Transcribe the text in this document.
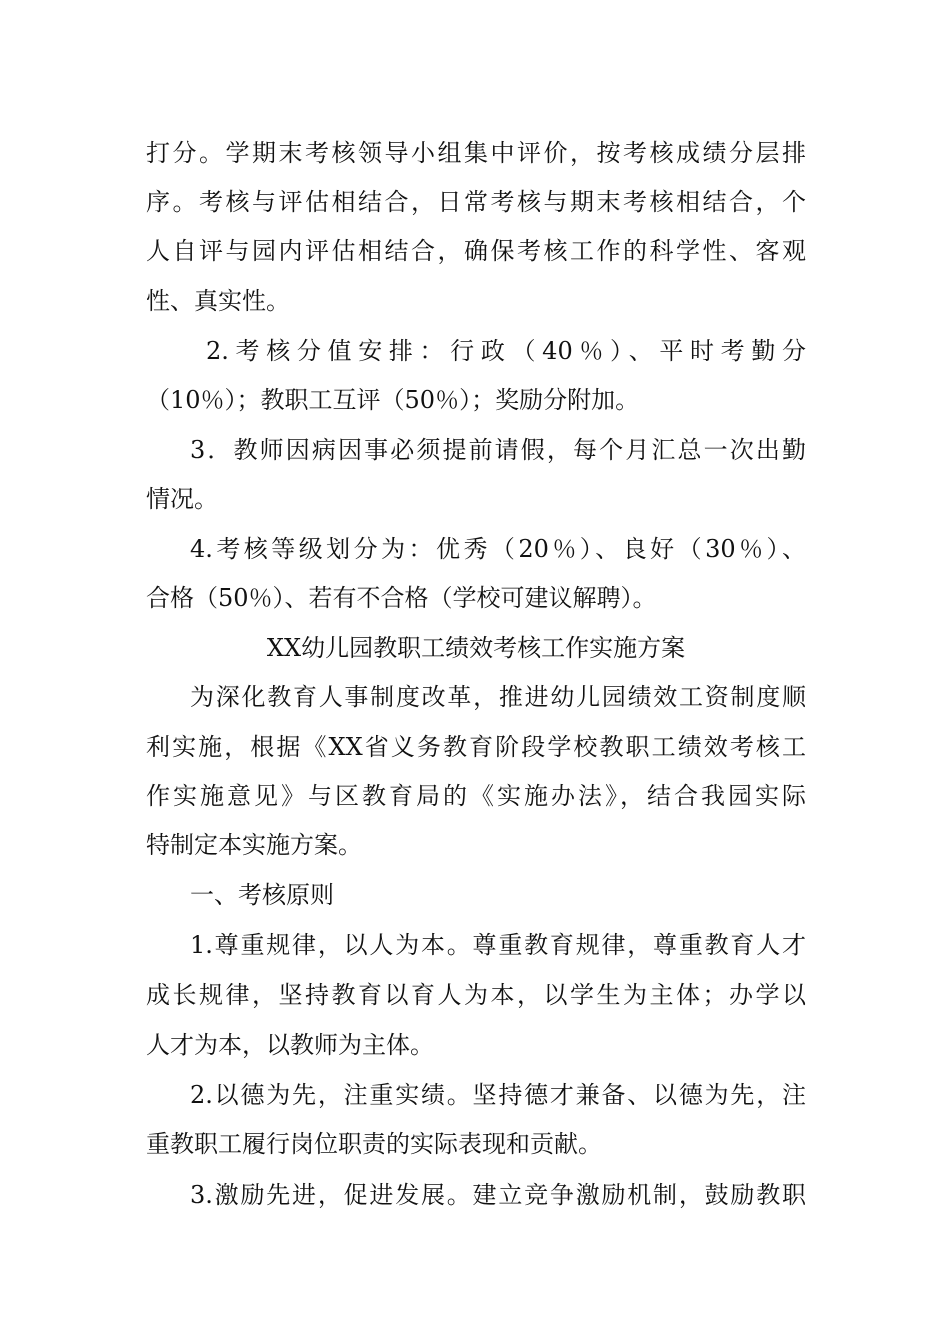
打分。学期末考核领导小组集中评价，按考核成绩分层排
序。考核与评估相结合，日常考核与期末考核相结合，个
人自评与园内评估相结合，确保考核工作的科学性、客观
性、真实性。
2.考核分值安排：行政（40％）、平时考勤分
（10％）；教职工互评（50％）；奖励分附加。
3．教师因病因事必须提前请假，每个月汇总一次出勤
情况。
4.考核等级划分为：优秀（20％）、良好（30％）、
合格（50％）、若有不合格（学校可建议解聘）。
XX幼儿园教职工绩效考核工作实施方案
为深化教育人事制度改革，推进幼儿园绩效工资制度顺
利实施，根据《XX省义务教育阶段学校教职工绩效考核工
作实施意见》与区教育局的《实施办法》，结合我园实际
特制定本实施方案。
一、考核原则
1.尊重规律，以人为本。尊重教育规律，尊重教育人才
成长规律，坚持教育以育人为本，以学生为主体；办学以
人才为本，以教师为主体。
2.以德为先，注重实绩。坚持德才兼备、以德为先，注
重教职工履行岗位职责的实际表现和贡献。
3.激励先进，促进发展。建立竞争激励机制，鼓励教职
